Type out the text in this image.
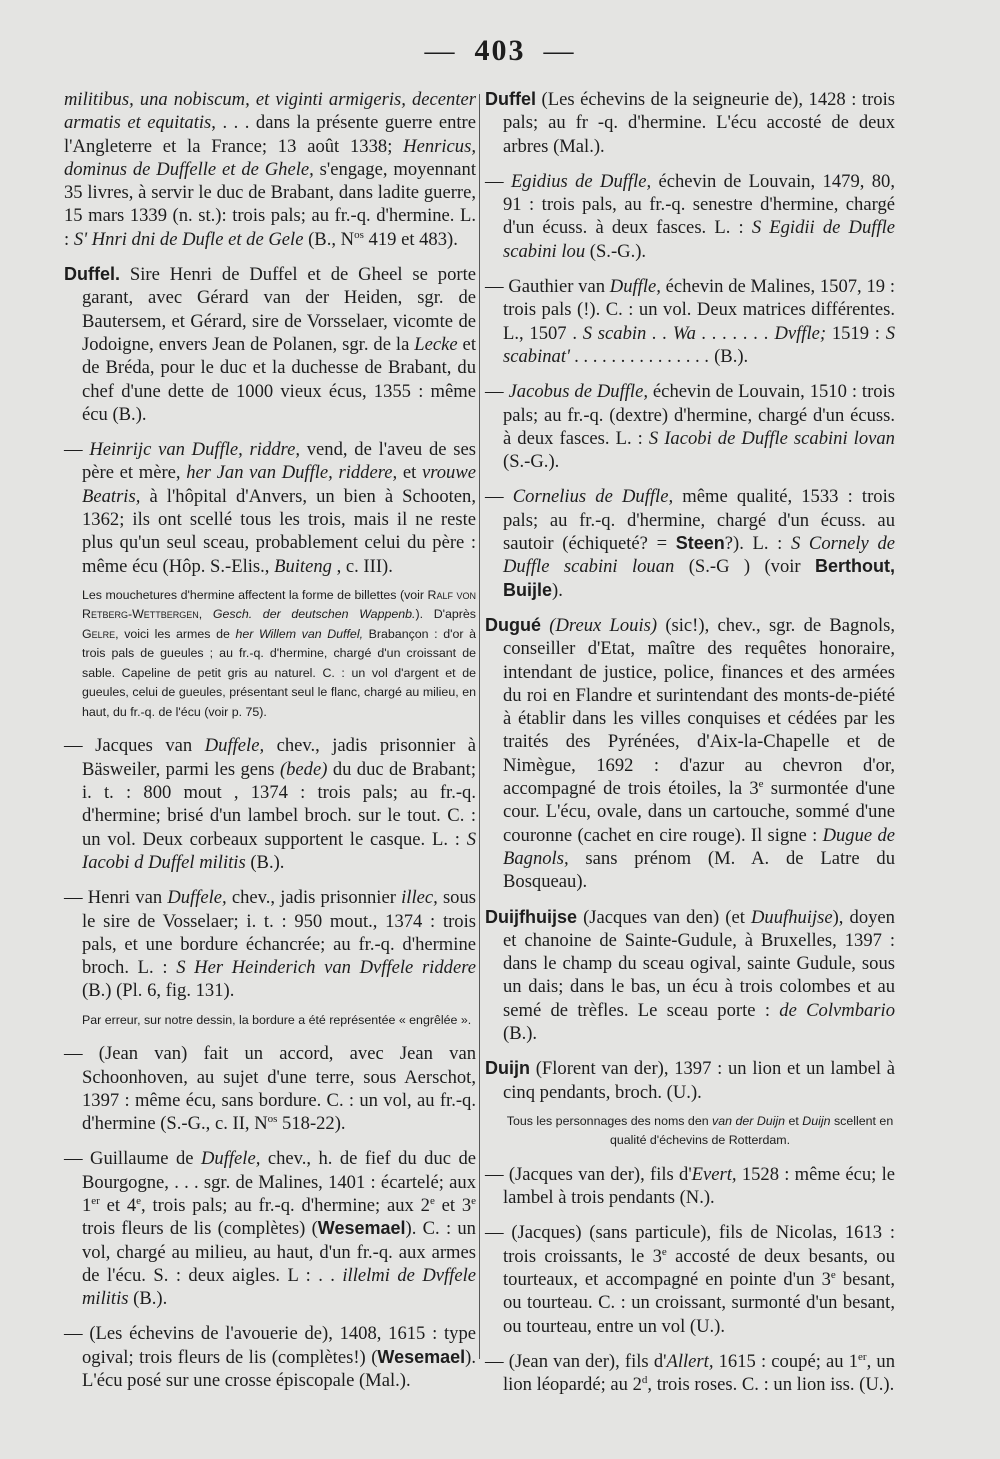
— 403 —

militibus, una nobiscum, et viginti armigeris, decenter armatis et equitatis, . . . dans la présente guerre entre l'Angleterre et la France; 13 août 1338; Henricus, dominus de Duffelle et de Ghele, s'engage, moyennant 35 livres, à servir le duc de Brabant, dans ladite guerre, 15 mars 1339 (n. st.): trois pals; au fr.-q. d'hermine. L. : S' Hnri dni de Dufle et de Gele (B., $N^{os}$ 419 et 483).

Duffel. Sire Henri de Duffel et de Gheel se porte garant, avec Gérard van der Heiden, sgr. de Bautersem, et Gérard, sire de Vorsselaer, vicomte de Jodoigne, envers Jean de Polanen, sgr. de la Lecke et de Bréda, pour le duc et la duchesse de Brabant, du chef d'une dette de 1000 vieux écus, 1355 : même écu (B.).

— Heinrijc van Duffle, riddre, vend, de l'aveu de ses père et mère, her Jan van Duffle, riddere, et vrouwe Beatris, à l'hôpital d'Anvers, un bien à Schooten, 1362; ils ont scellé tous les trois, mais il ne reste plus qu'un seul sceau, probablement celui du père : même écu (Hôp. S.-Elis., Buiteng , c. III).

Les mouchetures d'hermine affectent la forme de billettes (voir Ralf von Retberg-Wettbergen, Gesch. der deutschen Wappenb.). D'après Gelre, voici les armes de her Willem van Duffel, Brabançon : d'or à trois pals de gueules ; au fr.-q. d'hermine, chargé d'un croissant de sable. Capeline de petit gris au naturel. C. : un vol d'argent et de gueules, celui de gueules, présentant seul le flanc, chargé au milieu, en haut, du fr.-q. de l'écu (voir p. 75).

— Jacques van Duffele, chev., jadis prisonnier à Bäsweiler, parmi les gens (bede) du duc de Brabant; i. t. : 800 mout , 1374 : trois pals; au fr.-q. d'hermine; brisé d'un lambel broch. sur le tout. C. : un vol. Deux corbeaux supportent le casque. L. : S Iacobi d Duffel militis (B.).

— Henri van Duffele, chev., jadis prisonnier illec, sous le sire de Vosselaer; i. t. : 950 mout., 1374 : trois pals, et une bordure échancrée; au fr.-q. d'hermine broch. L. : S Her Heinderich van Dvffele riddere (B.) (Pl. 6, fig. 131).

Par erreur, sur notre dessin, la bordure a été représentée « engrêlée ».

— (Jean van) fait un accord, avec Jean van Schoonhoven, au sujet d'une terre, sous Aerschot, 1397 : même écu, sans bordure. C. : un vol, au fr.-q. d'hermine (S.-G., c. II, $N^{os}$ 518-22).

— Guillaume de Duffele, chev., h. de fief du duc de Bourgogne, . . . sgr. de Malines, 1401 : écartelé; aux 1er et 4e, trois pals; au fr.-q. d'hermine; aux 2e et 3e trois fleurs de lis (complètes) (Wesemael). C. : un vol, chargé au milieu, au haut, d'un fr.-q. aux armes de l'écu. S. : deux aigles. L : . . illelmi de Dvffele militis (B.).

— (Les échevins de l'avouerie de), 1408, 1615 : type ogival; trois fleurs de lis (complètes!) (Wesemael). L'écu posé sur une crosse épiscopale (Mal.).

Duffel (Les échevins de la seigneurie de), 1428 : trois pals; au fr -q. d'hermine. L'écu accosté de deux arbres (Mal.).

— Egidius de Duffle, échevin de Louvain, 1479, 80, 91 : trois pals, au fr.-q. senestre d'hermine, chargé d'un écuss. à deux fasces. L. : S Egidii de Duffle scabini lou (S.-G.).

— Gauthier van Duffle, échevin de Malines, 1507, 19 : trois pals (!). C. : un vol. Deux matrices différentes. L., 1507 . S scabin . . Wa . . . . . . . Dvffle; 1519 : S scabinat' . . . . . . . . . . . . . . . (B.).

— Jacobus de Duffle, échevin de Louvain, 1510 : trois pals; au fr.-q. (dextre) d'hermine, chargé d'un écuss. à deux fasces. L. : S Iacobi de Duffle scabini lovan (S.-G.).

— Cornelius de Duffle, même qualité, 1533 : trois pals; au fr.-q. d'hermine, chargé d'un écuss. au sautoir (échiqueté? = Steen?). L. : S Cornely de Duffle scabini louan (S.-G ) (voir Berthout, Buijle).

Dugué (Dreux Louis) (sic!), chev., sgr. de Bagnols, conseiller d'Etat, maître des requêtes honoraire, intendant de justice, police, finances et des armées du roi en Flandre et surintendant des monts-de-piété à établir dans les villes conquises et cédées par les traités des Pyrénées, d'Aix-la-Chapelle et de Nimègue, 1692 : d'azur au chevron d'or, accompagné de trois étoiles, la 3e surmontée d'une cour. L'écu, ovale, dans un cartouche, sommé d'une couronne (cachet en cire rouge). Il signe : Dugue de Bagnols, sans prénom (M. A. de Latre du Bosqueau).

Duijfhuijse (Jacques van den) (et Duufhuijse), doyen et chanoine de Sainte-Gudule, à Bruxelles, 1397 : dans le champ du sceau ogival, sainte Gudule, sous un dais; dans le bas, un écu à trois colombes et au semé de trèfles. Le sceau porte : de Colvmbario (B.).

Duijn (Florent van der), 1397 : un lion et un lambel à cinq pendants, broch. (U.).

Tous les personnages des noms den van der Duijn et Duijn scellent en qualité d'échevins de Rotterdam.

— (Jacques van der), fils d'Evert, 1528 : même écu; le lambel à trois pendants (N.).

— (Jacques) (sans particule), fils de Nicolas, 1613 : trois croissants, le 3e accosté de deux besants, ou tourteaux, et accompagné en pointe d'un 3e besant, ou tourteau. C. : un croissant, surmonté d'un besant, ou tourteau, entre un vol (U.).

— (Jean van der), fils d'Allert, 1615 : coupé; au 1er, un lion léopardé; au 2$^d$, trois roses. C. : un lion iss. (U.).
